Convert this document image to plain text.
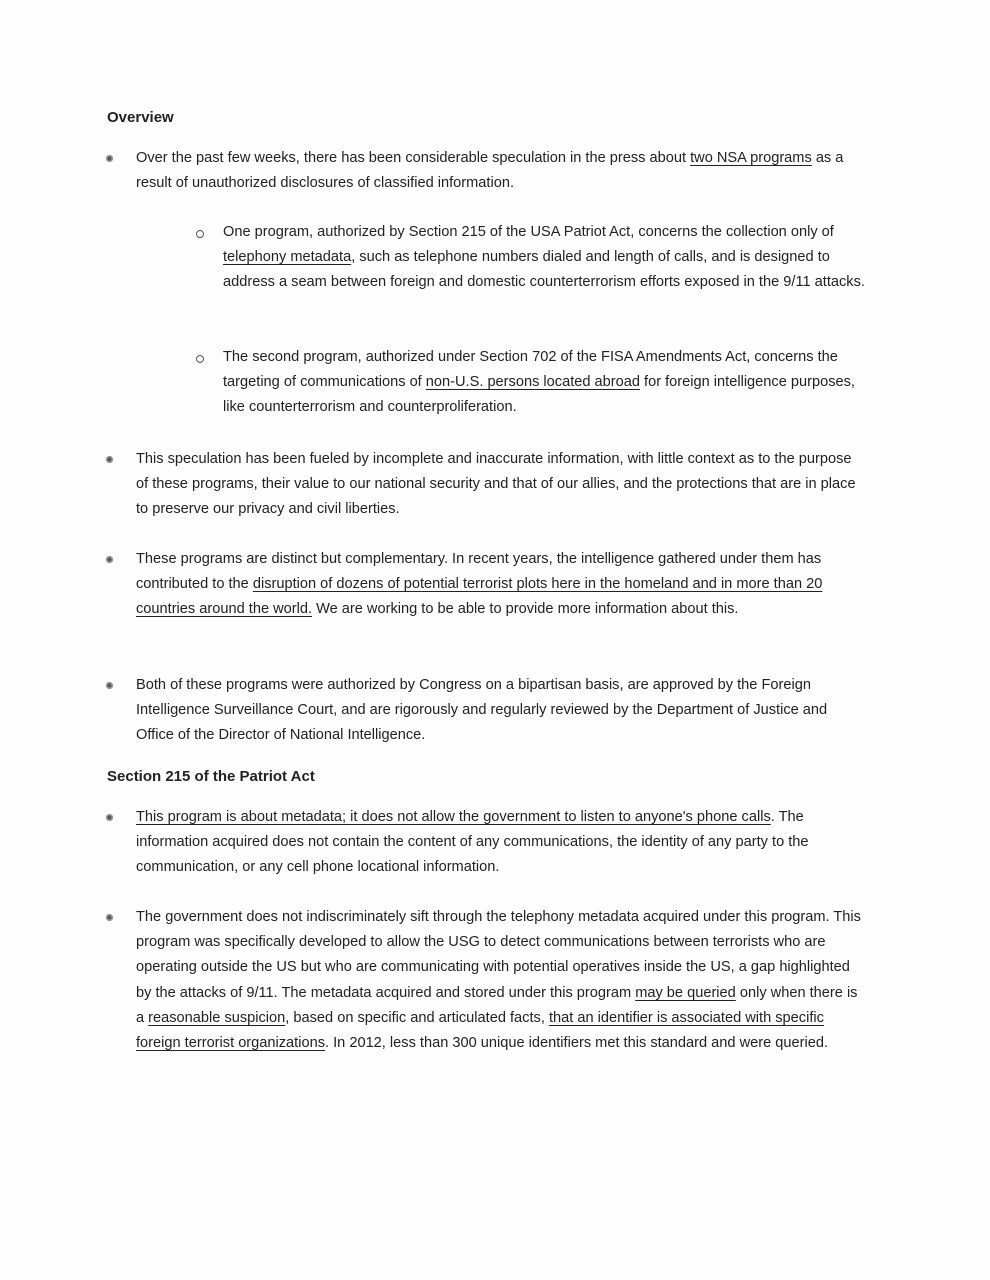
Overview
Over the past few weeks, there has been considerable speculation in the press about two NSA programs as a result of unauthorized disclosures of classified information.
One program, authorized by Section 215 of the USA Patriot Act, concerns the collection only of telephony metadata, such as telephone numbers dialed and length of calls, and is designed to address a seam between foreign and domestic counterterrorism efforts exposed in the 9/11 attacks.
The second program, authorized under Section 702 of the FISA Amendments Act, concerns the targeting of communications of non-U.S. persons located abroad for foreign intelligence purposes, like counterterrorism and counterproliferation.
This speculation has been fueled by incomplete and inaccurate information, with little context as to the purpose of these programs, their value to our national security and that of our allies, and the protections that are in place to preserve our privacy and civil liberties.
These programs are distinct but complementary. In recent years, the intelligence gathered under them has contributed to the disruption of dozens of potential terrorist plots here in the homeland and in more than 20 countries around the world. We are working to be able to provide more information about this.
Both of these programs were authorized by Congress on a bipartisan basis, are approved by the Foreign Intelligence Surveillance Court, and are rigorously and regularly reviewed by the Department of Justice and Office of the Director of National Intelligence.
Section 215 of the Patriot Act
This program is about metadata; it does not allow the government to listen to anyone's phone calls. The information acquired does not contain the content of any communications, the identity of any party to the communication, or any cell phone locational information.
The government does not indiscriminately sift through the telephony metadata acquired under this program. This program was specifically developed to allow the USG to detect communications between terrorists who are operating outside the US but who are communicating with potential operatives inside the US, a gap highlighted by the attacks of 9/11. The metadata acquired and stored under this program may be queried only when there is a reasonable suspicion, based on specific and articulated facts, that an identifier is associated with specific foreign terrorist organizations. In 2012, less than 300 unique identifiers met this standard and were queried.
